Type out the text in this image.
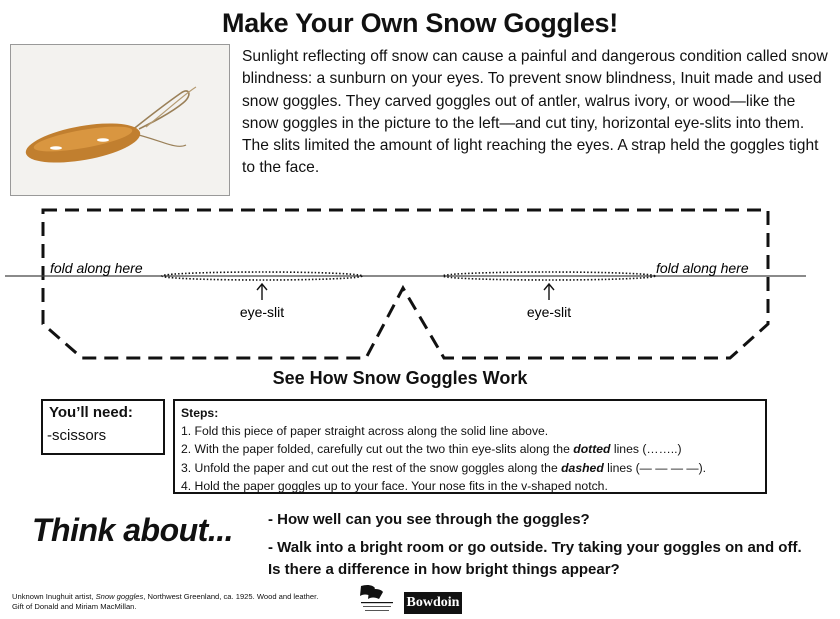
Make Your Own Snow Goggles!
Sunlight reflecting off snow can cause a painful and dangerous condition called snow blindness: a sunburn on your eyes. To prevent snow blindness, Inuit made and used snow goggles. They carved goggles out of antler, walrus ivory, or wood—like the snow goggles in the picture to the left—and cut tiny, horizontal eye-slits into them. The slits limited the amount of light reaching the eyes. A strap held the goggles tight to the face.
fold along here	fold along here
eye-slit	eye-slit
See How Snow Goggles Work
You’ll need:
-scissors
Steps:
1. Fold this piece of paper straight across along the solid line above.
2. With the paper folded, carefully cut out the two thin eye-slits along the dotted lines (……..)
3. Unfold the paper and cut out the rest of the snow goggles along the dashed lines (— — — —).
4. Hold the paper goggles up to your face. Your nose fits in the v-shaped notch.
Think about... - How well can you see through the goggles?
- Walk into a bright room or go outside. Try taking your goggles on and off. Is there a difference in how bright things appear?
Unknown Inughuit artist, Snow goggles, Northwest Greenland, ca. 1925. Wood and leather.
Gift of Donald and Miriam MacMillan.	Bowdoin
